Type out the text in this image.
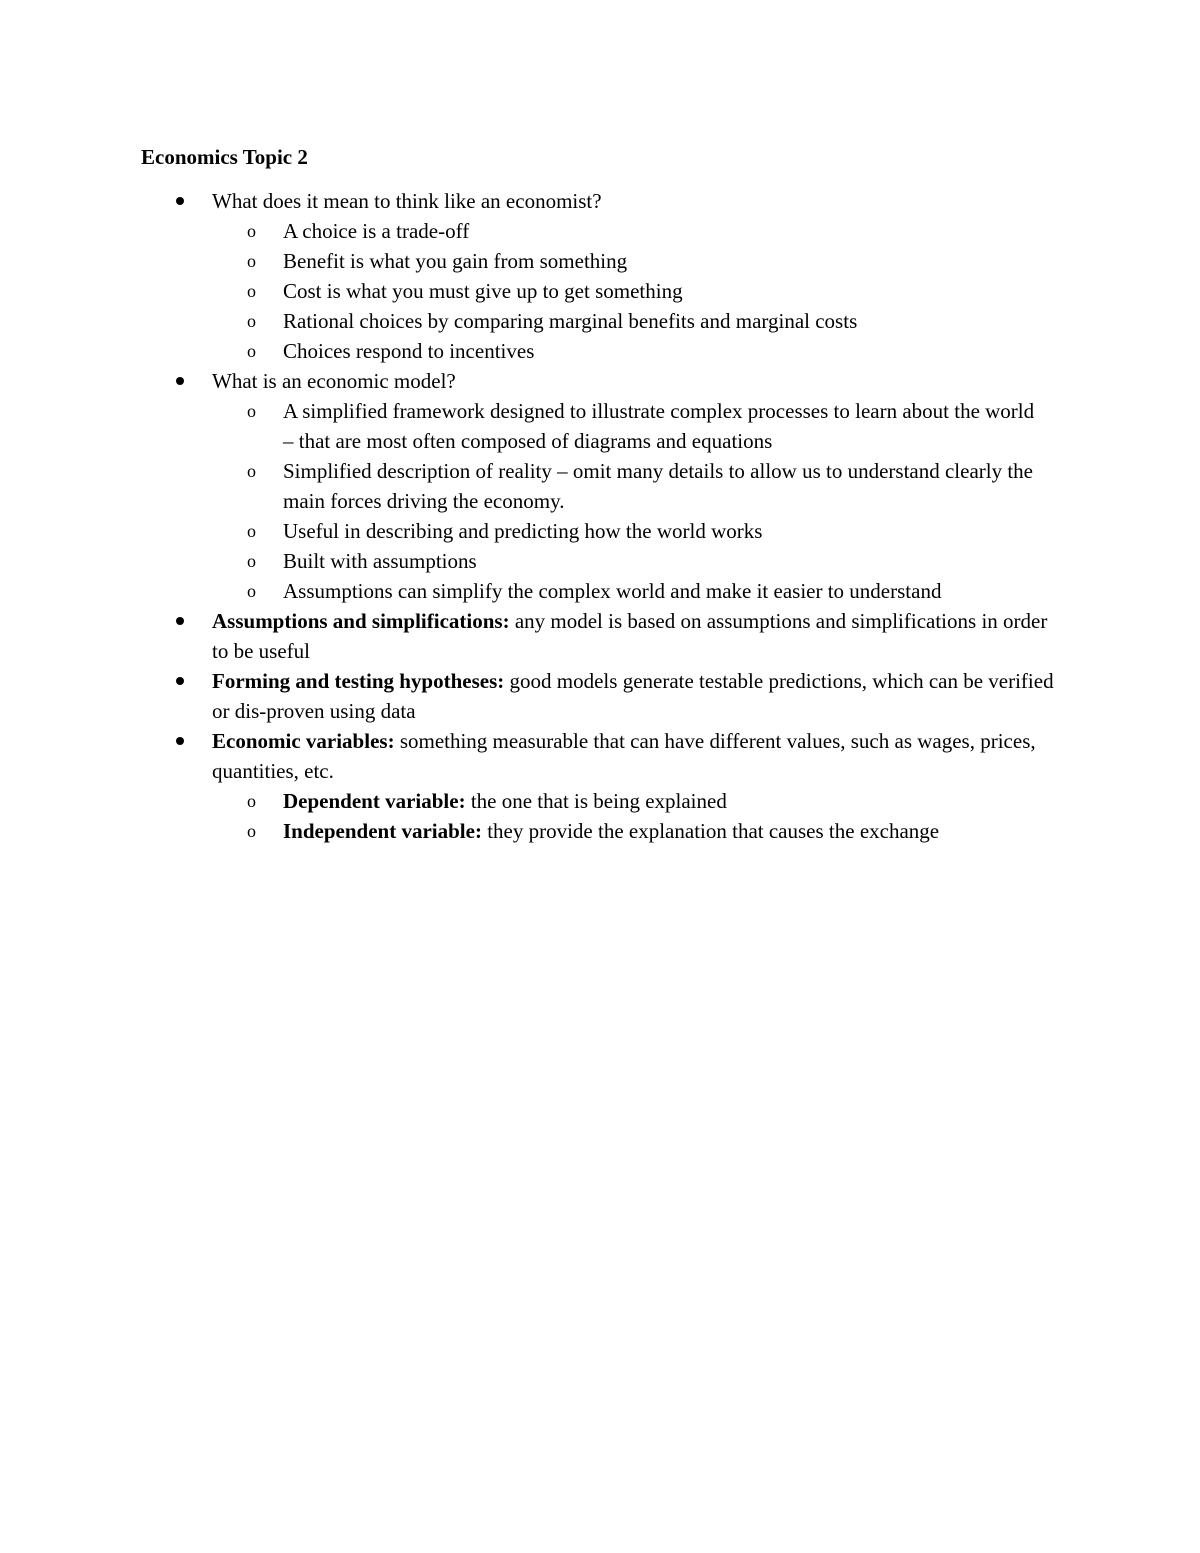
Economics Topic 2
What does it mean to think like an economist?
o A choice is a trade-off
o Benefit is what you gain from something
o Cost is what you must give up to get something
o Rational choices by comparing marginal benefits and marginal costs
o Choices respond to incentives
What is an economic model?
o A simplified framework designed to illustrate complex processes to learn about the world – that are most often composed of diagrams and equations
o Simplified description of reality – omit many details to allow us to understand clearly the main forces driving the economy.
o Useful in describing and predicting how the world works
o Built with assumptions
o Assumptions can simplify the complex world and make it easier to understand
Assumptions and simplifications: any model is based on assumptions and simplifications in order to be useful
Forming and testing hypotheses: good models generate testable predictions, which can be verified or dis-proven using data
Economic variables: something measurable that can have different values, such as wages, prices, quantities, etc.
o Dependent variable: the one that is being explained
o Independent variable: they provide the explanation that causes the exchange
